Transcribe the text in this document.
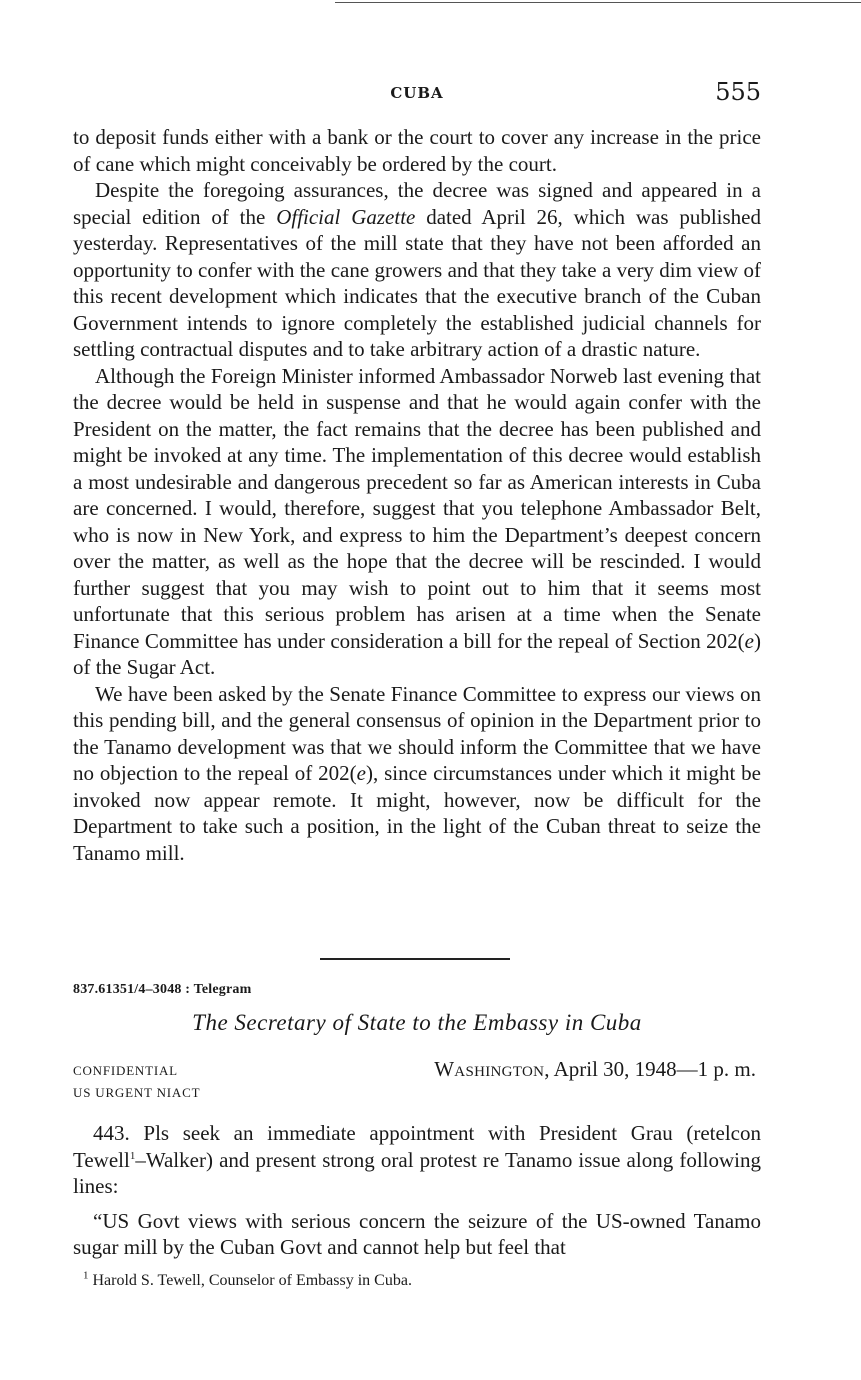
CUBA	555

to deposit funds either with a bank or the court to cover any increase in the price of cane which might conceivably be ordered by the court.

Despite the foregoing assurances, the decree was signed and appeared in a special edition of the Official Gazette dated April 26, which was published yesterday. Representatives of the mill state that they have not been afforded an opportunity to confer with the cane growers and that they take a very dim view of this recent development which indicates that the executive branch of the Cuban Government intends to ignore completely the established judicial channels for settling contractual disputes and to take arbitrary action of a drastic nature.

Although the Foreign Minister informed Ambassador Norweb last evening that the decree would be held in suspense and that he would again confer with the President on the matter, the fact remains that the decree has been published and might be invoked at any time. The implementation of this decree would establish a most undesirable and dangerous precedent so far as American interests in Cuba are concerned. I would, therefore, suggest that you telephone Ambassador Belt, who is now in New York, and express to him the Department’s deepest concern over the matter, as well as the hope that the decree will be rescinded. I would further suggest that you may wish to point out to him that it seems most unfortunate that this serious problem has arisen at a time when the Senate Finance Committee has under consideration a bill for the repeal of Section 202(e) of the Sugar Act.

We have been asked by the Senate Finance Committee to express our views on this pending bill, and the general consensus of opinion in the Department prior to the Tanamo development was that we should inform the Committee that we have no objection to the repeal of 202(e), since circumstances under which it might be invoked now appear remote. It might, however, now be difficult for the Department to take such a position, in the light of the Cuban threat to seize the Tanamo mill.

837.61351/4–3048 : Telegram
The Secretary of State to the Embassy in Cuba
CONFIDENTIAL
US URGENT NIACT
Washington, April 30, 1948—1 p. m.

443. Pls seek an immediate appointment with President Grau (retelcon Tewell$^1$–Walker) and present strong oral protest re Tanamo issue along following lines:

“US Govt views with serious concern the seizure of the US-owned Tanamo sugar mill by the Cuban Govt and cannot help but feel that

$^1$ Harold S. Tewell, Counselor of Embassy in Cuba.
